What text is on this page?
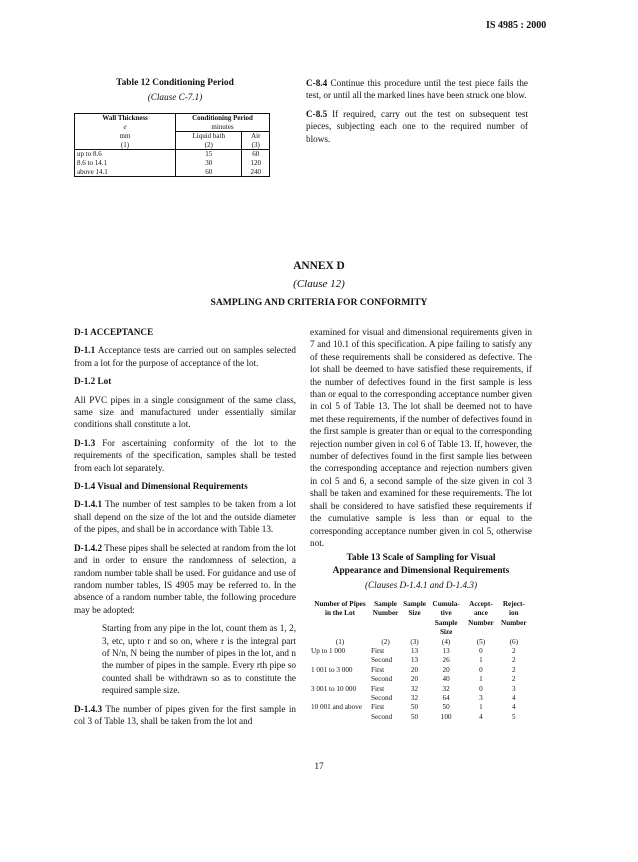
IS 4985 : 2000
Table 12 Conditioning Period
(Clause C-7.1)
Wall Thickness	Conditioning Period	
e	minutes	
mm	Liquid bath	Air
(1)	(2)	(3)
up to 8.6	15	60
8.6 to 14.1	30	120
above 14.1	60	240

C-8.4 Continue this procedure until the test piece fails the test, or until all the marked lines have been struck one blow.

C-8.5 If required, carry out the test on subsequent test pieces, subjecting each one to the required number of blows.

ANNEX D
(Clause 12)
SAMPLING AND CRITERIA FOR CONFORMITY

D-1 ACCEPTANCE

D-1.1 Acceptance tests are carried out on samples selected from a lot for the purpose of acceptance of the lot.

D-1.2 Lot

All PVC pipes in a single consignment of the same class, same size and manufactured under essentially similar conditions shall constitute a lot.

D-1.3 For ascertaining conformity of the lot to the requirements of the specification, samples shall be tested from each lot separately.

D-1.4 Visual and Dimensional Requirements

D-1.4.1 The number of test samples to be taken from a lot shall depend on the size of the lot and the outside diameter of the pipes, and shall be in accordance with Table 13.

D-1.4.2 These pipes shall be selected at random from the lot and in order to ensure the randomness of selection, a random number table shall be used. For guidance and use of random number tables, IS 4905 may be referred to. In the absence of a random number table, the following procedure may be adopted:

Starting from any pipe in the lot, count them as 1, 2, 3, etc, upto r and so on, where r is the integral part of N/n, N being the number of pipes in the lot, and n the number of pipes in the sample. Every rth pipe so counted shall be withdrawn so as to constitute the required sample size.

D-1.4.3 The number of pipes given for the first sample in col 3 of Table 13, shall be taken from the lot and

examined for visual and dimensional requirements given in 7 and 10.1 of this specification. A pipe failing to satisfy any of these requirements shall be considered as defective. The lot shall be deemed to have satisfied these requirements, if the number of defectives found in the first sample is less than or equal to the corresponding acceptance number given in col 5 of Table 13. The lot shall be deemed not to have met these requirements, if the number of defectives found in the first sample is greater than or equal to the corresponding rejection number given in col 6 of Table 13. If, however, the number of defectives found in the first sample lies between the corresponding acceptance and rejection numbers given in col 5 and 6, a second sample of the size given in col 3 shall be taken and examined for these requirements. The lot shall be considered to have satisfied these requirements if the cumulative sample is less than or equal to the corresponding acceptance number given in col 5, otherwise not.

Table 13 Scale of Sampling for Visual
Appearance and Dimensional Requirements
(Clauses D-1.4.1 and D-1.4.3)
Number of Pipes in the Lot	Sample Number	Sample Size	Cumula-tive Sample Size	Accept-ance Number	Reject-ion Number
(1)	(2)	(3)	(4)	(5)	(6)
Up to 1 000	First	13	13	0	2
	Second	13	26	1	2
1 001 to 3 000	First	20	20	0	2
	Second	20	40	1	2
3 001 to 10 000	First	32	32	0	3
	Second	32	64	3	4
10 001 and above	First	50	50	1	4
	Second	50	100	4	5
17
